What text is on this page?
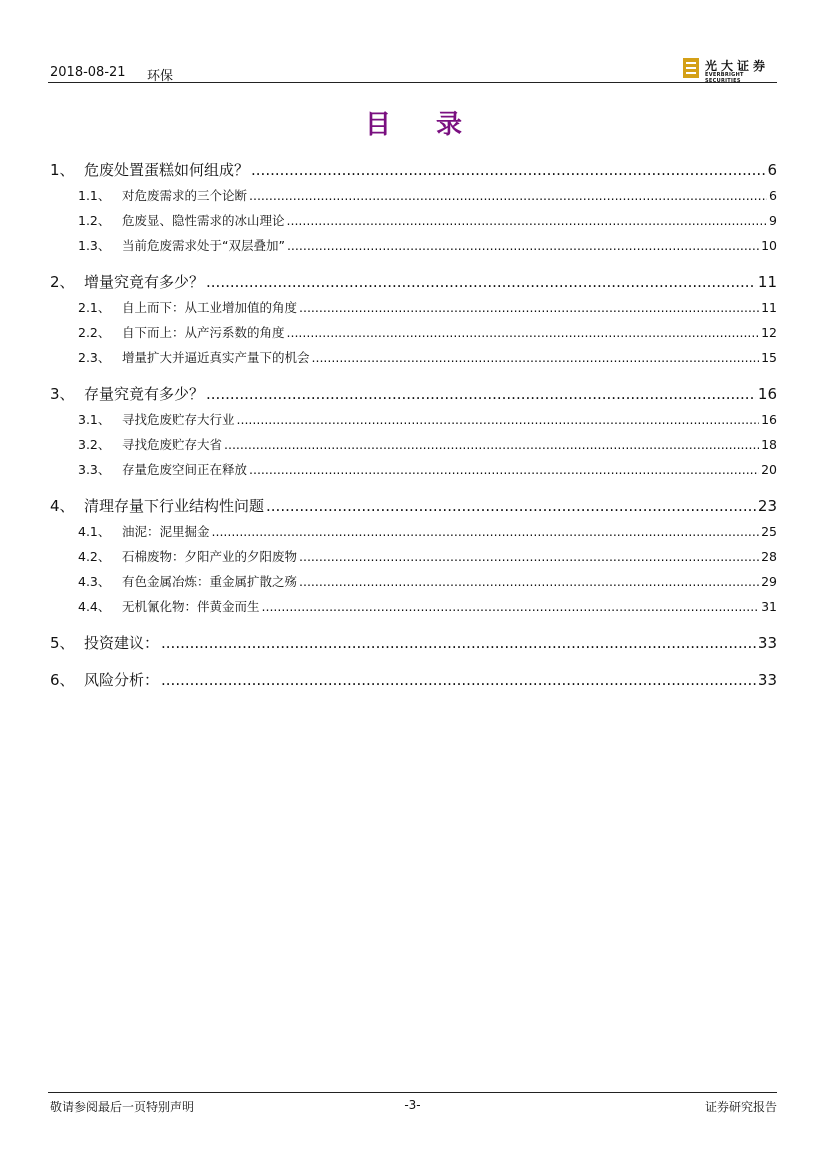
2018-08-21 环保
光大证券
EVERBRIGHT SECURITIES
目 录
1、 危废处置蛋糕如何组成？ .....	6
1.1、 对危废需求的三个论断 .....	6
1.2、 危废显、隐性需求的冰山理论 .....	9
1.3、 当前危废需求处于“双层叠加” .....	10
2、 增量究竟有多少？ .....	11
2.1、 自上而下：从工业增加值的角度 .....	11
2.2、 自下而上：从产污系数的角度 .....	12
2.3、 增量扩大并逼近真实产量下的机会 .....	15
3、 存量究竟有多少？ .....	16
3.1、 寻找危废贮存大行业 .....	16
3.2、 寻找危废贮存大省 .....	18
3.3、 存量危废空间正在释放 .....	20
4、 清理存量下行业结构性问题 .....	23
4.1、 油泥：泥里掘金 .....	25
4.2、 石棉废物：夕阳产业的夕阳废物 .....	28
4.3、 有色金属冶炼：重金属扩散之殇 .....	29
4.4、 无机氰化物：伴黄金而生 .....	31
5、 投资建议： .....	33
6、 风险分析： .....	33
敬请参阅最后一页特别声明	-3-	证券研究报告
